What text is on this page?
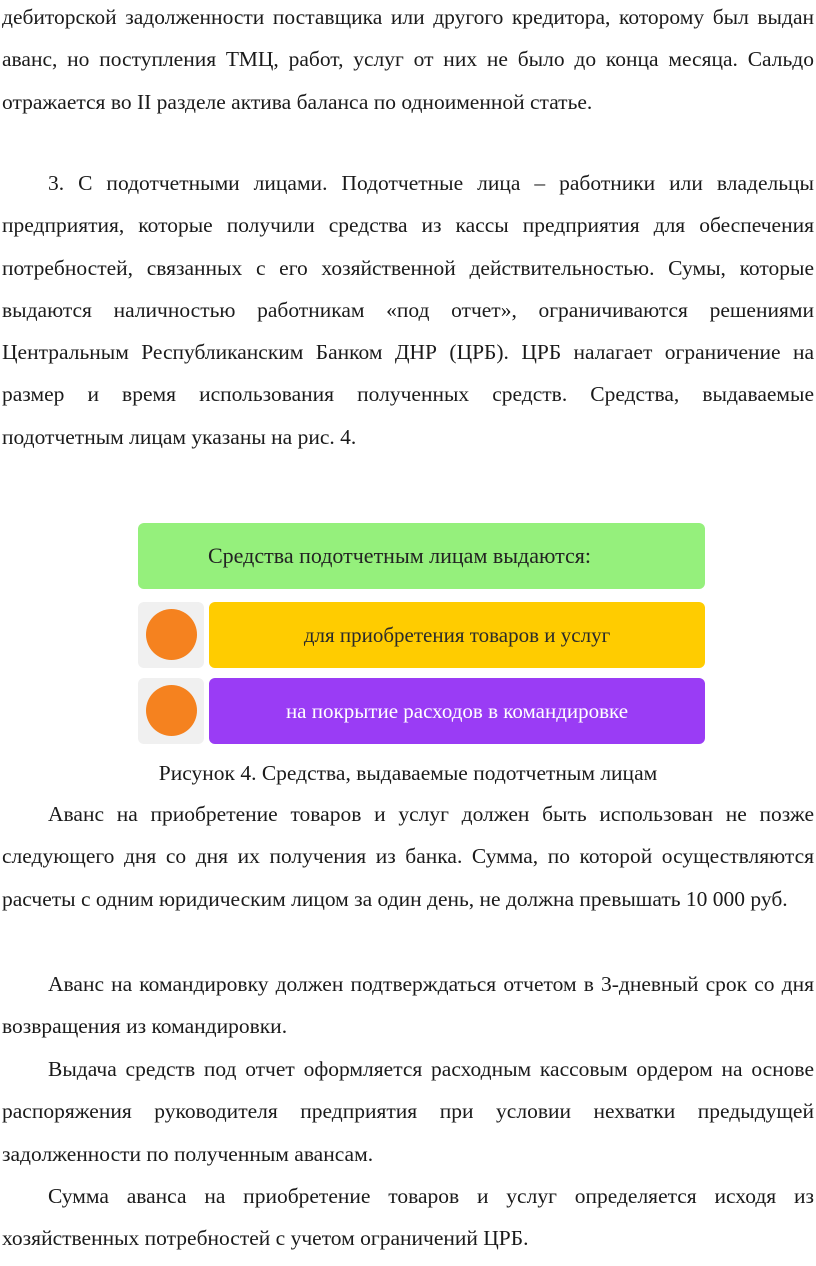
дебиторской задолженности поставщика или другого кредитора, которому был выдан аванс, но поступления ТМЦ, работ, услуг от них не было до конца месяца. Сальдо отражается во II разделе актива баланса по одноименной статье.

3. С подотчетными лицами. Подотчетные лица – работники или владельцы предприятия, которые получили средства из кассы предприятия для обеспечения потребностей, связанных с его хозяйственной действительностью. Сумы, которые выдаются наличностью работникам «под отчет», ограничиваются решениями Центральным Республиканским Банком ДНР (ЦРБ). ЦРБ налагает ограничение на размер и время использования полученных средств. Средства, выдаваемые подотчетным лицам указаны на рис. 4.

Средства подотчетным лицам выдаются:
для приобретения товаров и услуг
на покрытие расходов в командировке
Рисунок 4. Средства, выдаваемые подотчетным лицам

Аванс на приобретение товаров и услуг должен быть использован не позже следующего дня со дня их получения из банка. Сумма, по которой осуществляются расчеты с одним юридическим лицом за один день, не должна превышать 10 000 руб.

Аванс на командировку должен подтверждаться отчетом в 3-дневный срок со дня возвращения из командировки.

Выдача средств под отчет оформляется расходным кассовым ордером на основе распоряжения руководителя предприятия при условии нехватки предыдущей задолженности по полученным авансам.

Сумма аванса на приобретение товаров и услуг определяется исходя из хозяйственных потребностей с учетом ограничений ЦРБ.
